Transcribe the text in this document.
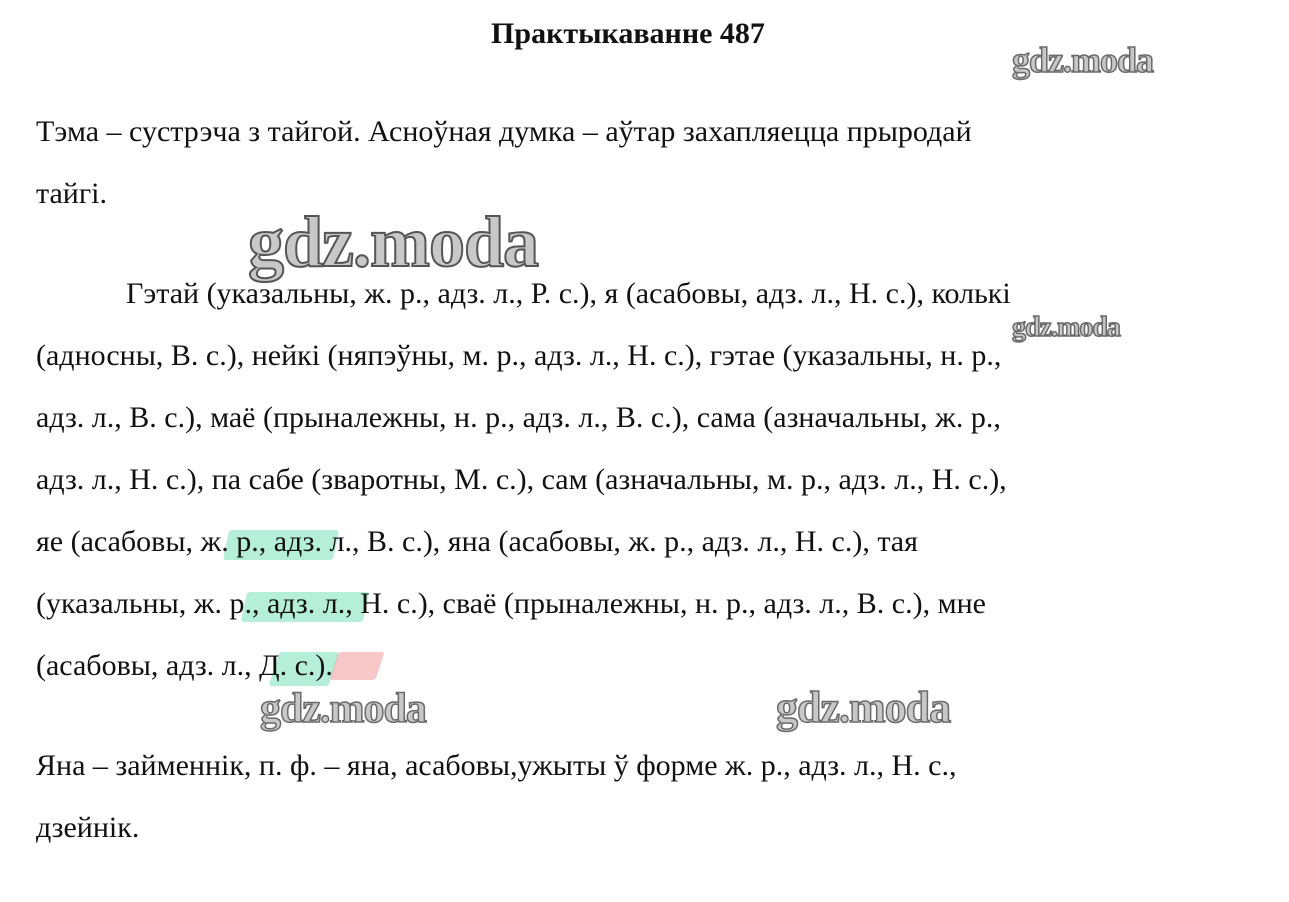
Практыкаванне 487
Тэма – сустрэча з тайгой. Асноўная думка – аўтар захапляецца прыродай
тайгі.
Гэтай (указальны, ж. р., адз. л., Р. с.), я (асабовы, адз. л., Н. с.), колькі
(адносны, В. с.), нейкі (няпэўны, м. р., адз. л., Н. с.), гэтае (указальны, н. р.,
адз. л., В. с.), маё (прыналежны, н. р., адз. л., В. с.), сама (азначальны, ж. р.,
адз. л., Н. с.), па сабе (зваротны, М. с.), сам (азначальны, м. р., адз. л., Н. с.),
яе (асабовы, ж. р., адз. л., В. с.), яна (асабовы, ж. р., адз. л., Н. с.), тая
(указальны, ж. р., адз. л., Н. с.), сваё (прыналежны, н. р., адз. л., В. с.), мне
(асабовы, адз. л., Д. с.).
Яна – займеннік, п. ф. – яна, асабовы,ужыты ў форме ж. р., адз. л., Н. с.,
дзейнік.
gdz.moda
gdz.moda
gdz.moda
gdz.moda	gdz.moda
